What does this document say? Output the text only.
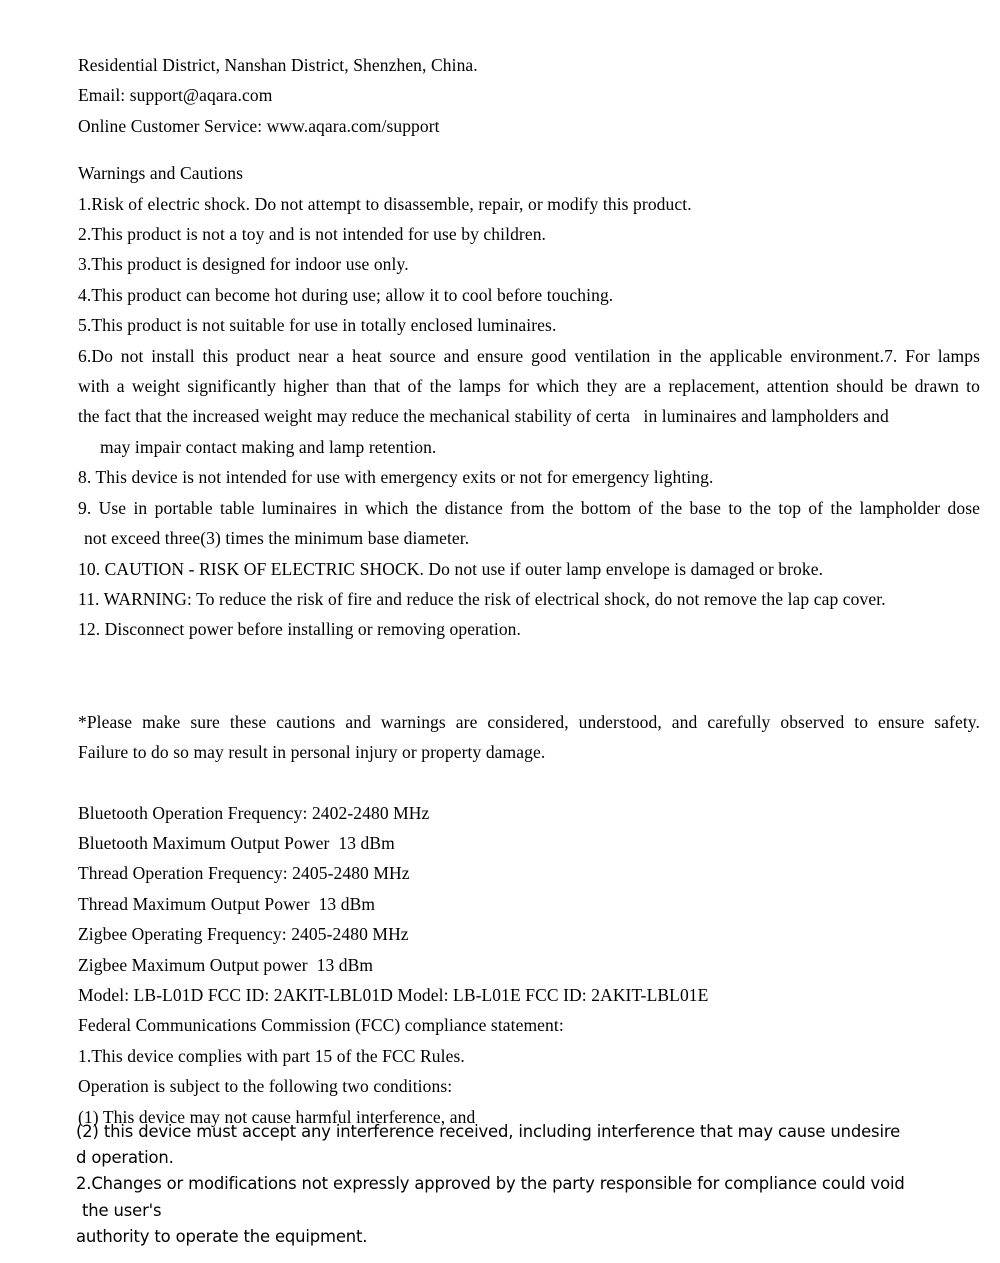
Residential District, Nanshan District, Shenzhen, China.
Email: support@aqara.com
Online Customer Service: www.aqara.com/support
Warnings and Cautions
1.Risk of electric shock. Do not attempt to disassemble, repair, or modify this product.
2.This product is not a toy and is not intended for use by children.
3.This product is designed for indoor use only.
4.This product can become hot during use; allow it to cool before touching.
5.This product is not suitable for use in totally enclosed luminaires.
6.Do not install this product near a heat source and ensure good ventilation in the applicable environment.7. For lamps
with a weight significantly higher than that of the lamps for which they are a replacement, attention should be drawn to
the fact that the increased weight may reduce the mechanical stability of certa   in luminaires and lampholders and
may impair contact making and lamp retention.
8. This device is not intended for use with emergency exits or not for emergency lighting.
9. Use in portable table luminaires in which the distance from the bottom of the base to the top of the lampholder dose
not exceed three(3) times the minimum base diameter.
10. CAUTION - RISK OF ELECTRIC SHOCK. Do not use if outer lamp envelope is damaged or broke.
11. WARNING: To reduce the risk of fire and reduce the risk of electrical shock, do not remove the lap cap cover.
12. Disconnect power before installing or removing operation.
*Please make sure these cautions and warnings are considered, understood, and carefully observed to ensure safety.
Failure to do so may result in personal injury or property damage.
Bluetooth Operation Frequency: 2402-2480 MHz
Bluetooth Maximum Output Power  13 dBm
Thread Operation Frequency: 2405-2480 MHz
Thread Maximum Output Power  13 dBm
Zigbee Operating Frequency: 2405-2480 MHz
Zigbee Maximum Output power  13 dBm
Model: LB-L01D FCC ID: 2AKIT-LBL01D Model: LB-L01E FCC ID: 2AKIT-LBL01E
Federal Communications Commission (FCC) compliance statement:
1.This device complies with part 15 of the FCC Rules.
Operation is subject to the following two conditions:
(1) This device may not cause harmful interference, and
(2) this device must accept any interference received, including interference that may cause undesire
d operation.
2.Changes or modifications not expressly approved by the party responsible for compliance could void
the user's
authority to operate the equipment.
